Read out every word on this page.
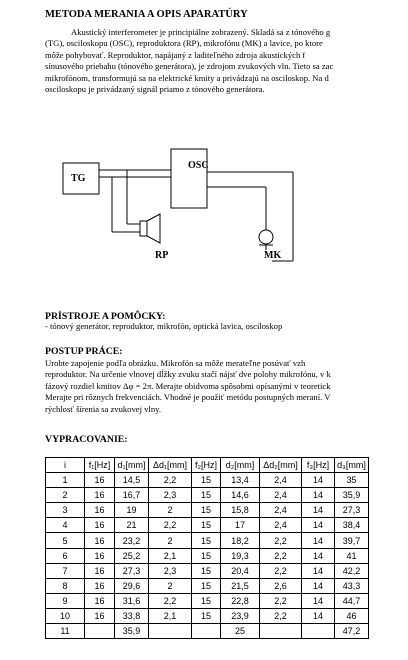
METODA MERANIA A OPIS APARATÚRY
Akustický interferometer je principiálne zobrazený. Skladá sa z tónového g
(TG), osciloskopu (OSC), reproduktora (RP), mikrofónu (MK) a lavice, po ktore
môže pohybovať. Reproduktor, napájaný z laditeľného zdroja akustických f
sínusového priebahu (tónového generátora), je zdrojom zvukových vln. Tieto sa zac
mikrofónom, transformujú sa na elektrické kmity a privádzajú na osciloskop. Na d
osciloskopu je privádzaný signál priamo z tónového generátora.
TG
OSC
RP	MK
PRÍSTROJE A POMÔCKY:
- tónový generátor, reproduktor, mikrofón, optická lavica, osciloskop
POSTUP PRÁCE:
Urobte zapojenie podľa obrázku. Mikrofón sa môže merateľne posúvať vzh
reproduktor. Na určenie vlnovej dĺžky zvuku stačí nájsť dve polohy mikrofónu, v k
fázový rozdiel kmitov Δφ = 2π. Merajte obidvoma spôsobmi opísanými v teoretick
Merajte pri rôznych frekvenciách. Vhodné je použiť metódu postupných meraní. V
rýchlosť šírenia sa zvukovej vlny.
VYPRACOVANIE:
i	f₁[Hz]	d₁[mm]	Δd₁[mm]	f₂[Hz]	d₂[mm]	Δd₂[mm]	f₃[Hz]	d₃[mm]
1	16	14,5	2,2	15	13,4	2,4	14	35
2	16	16,7	2,3	15	14,6	2,4	14	35,9
3	16	19	2	15	15,8	2,4	14	27,3
4	16	21	2,2	15	17	2,4	14	38,4
5	16	23,2	2	15	18,2	2,2	14	39,7
6	16	25,2	2,1	15	19,3	2,2	14	41
7	16	27,3	2,3	15	20,4	2,2	14	42,2
8	16	29,6	2	15	21,5	2,6	14	43,3
9	16	31,6	2,2	15	22,8	2,2	14	44,7
10	16	33,8	2,1	15	23,9	2,2	14	46
11		35,9			25			47,2
